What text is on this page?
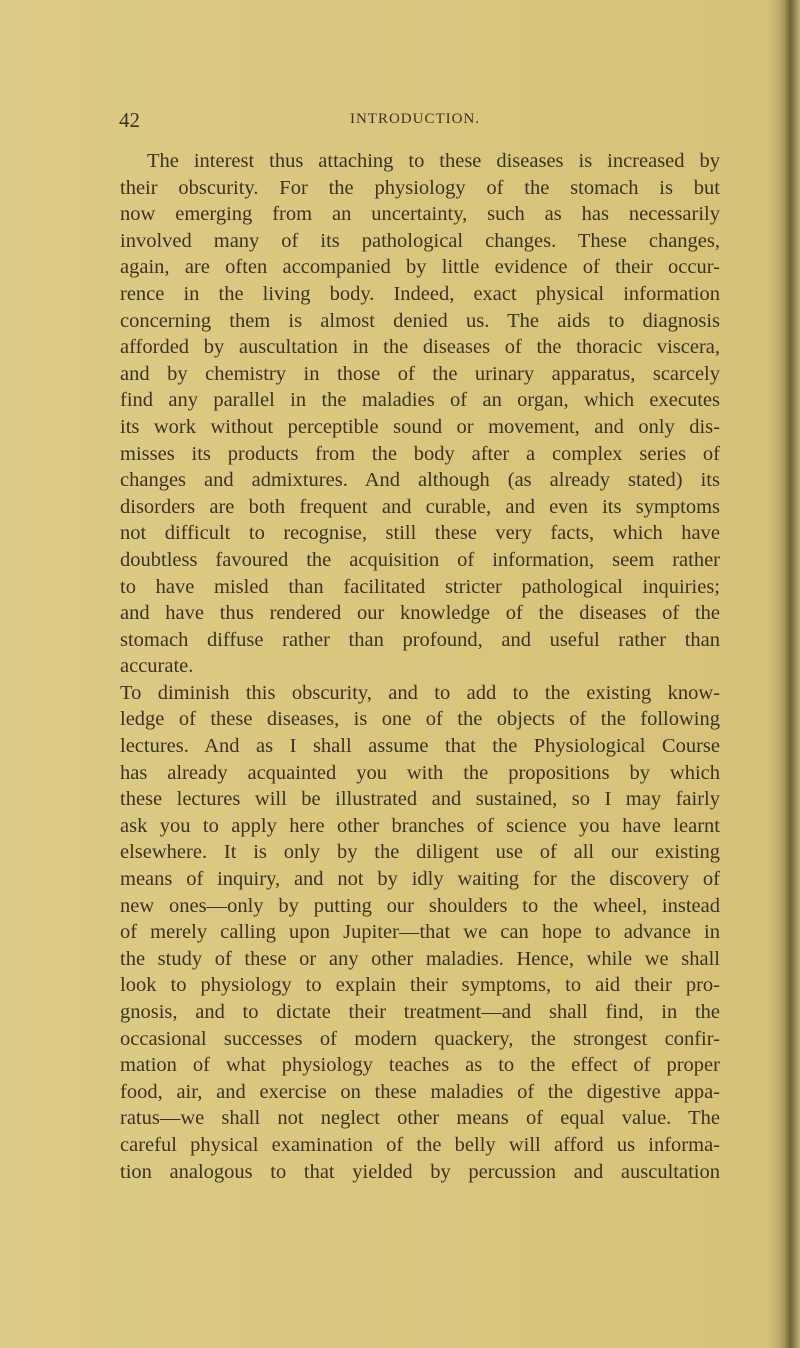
42	INTRODUCTION.
The interest thus attaching to these diseases is increased by
their obscurity. For the physiology of the stomach is but
now emerging from an uncertainty, such as has necessarily
involved many of its pathological changes. These changes,
again, are often accompanied by little evidence of their occur-
rence in the living body. Indeed, exact physical information
concerning them is almost denied us. The aids to diagnosis
afforded by auscultation in the diseases of the thoracic viscera,
and by chemistry in those of the urinary apparatus, scarcely
find any parallel in the maladies of an organ, which executes
its work without perceptible sound or movement, and only dis-
misses its products from the body after a complex series of
changes and admixtures. And although (as already stated) its
disorders are both frequent and curable, and even its symptoms
not difficult to recognise, still these very facts, which have
doubtless favoured the acquisition of information, seem rather
to have misled than facilitated stricter pathological inquiries;
and have thus rendered our knowledge of the diseases of the
stomach diffuse rather than profound, and useful rather than
accurate.
To diminish this obscurity, and to add to the existing know-
ledge of these diseases, is one of the objects of the following
lectures. And as I shall assume that the Physiological Course
has already acquainted you with the propositions by which
these lectures will be illustrated and sustained, so I may fairly
ask you to apply here other branches of science you have learnt
elsewhere. It is only by the diligent use of all our existing
means of inquiry, and not by idly waiting for the discovery of
new ones—only by putting our shoulders to the wheel, instead
of merely calling upon Jupiter—that we can hope to advance in
the study of these or any other maladies. Hence, while we shall
look to physiology to explain their symptoms, to aid their pro-
gnosis, and to dictate their treatment—and shall find, in the
occasional successes of modern quackery, the strongest confir-
mation of what physiology teaches as to the effect of proper
food, air, and exercise on these maladies of the digestive appa-
ratus—we shall not neglect other means of equal value. The
careful physical examination of the belly will afford us informa-
tion analogous to that yielded by percussion and auscultation
